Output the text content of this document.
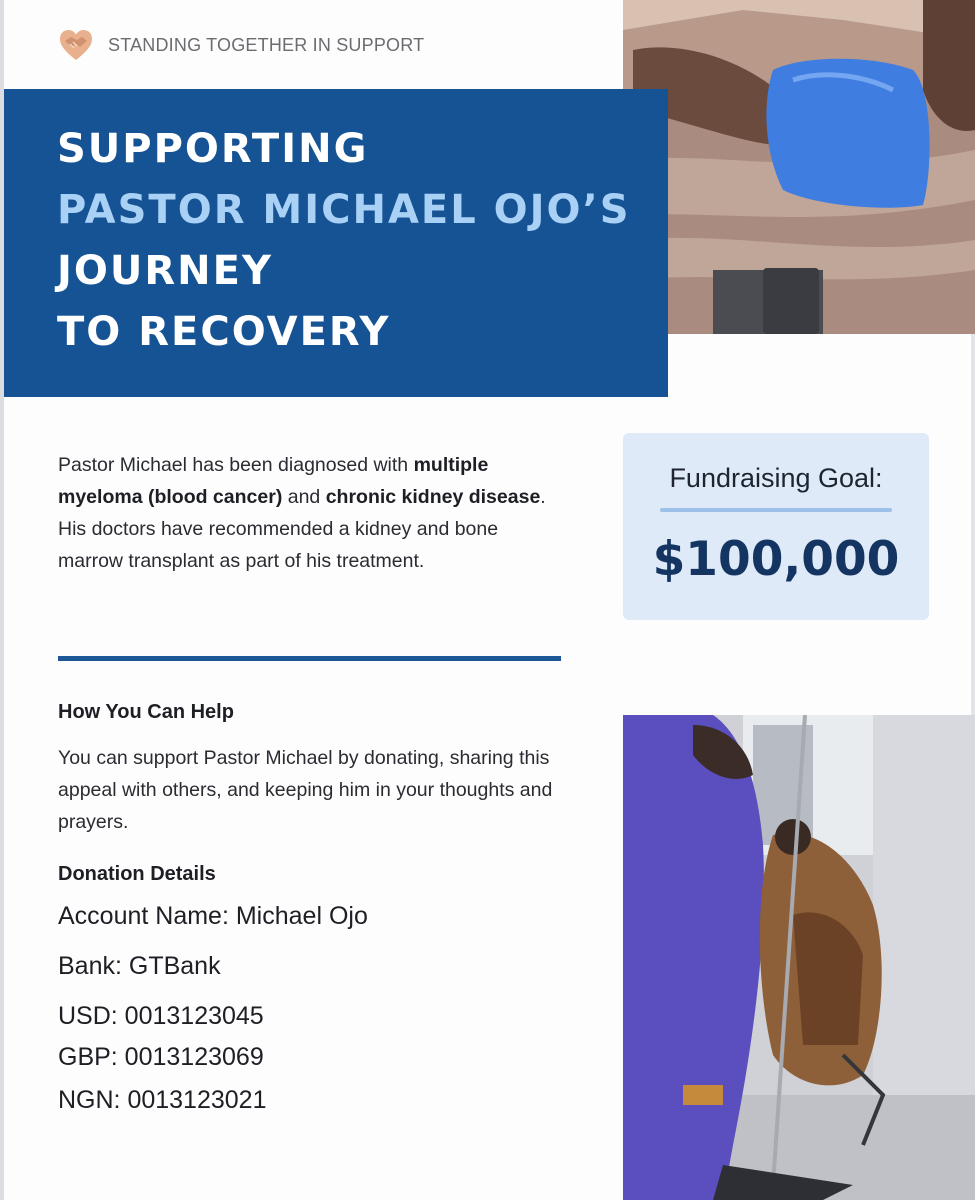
STANDING TOGETHER IN SUPPORT
SUPPORTING
PASTOR MICHAEL OJO’S
JOURNEY
TO RECOVERY
Pastor Michael has been diagnosed with multiple myeloma (blood cancer) and chronic kidney disease. His doctors have recommended a kidney and bone marrow transplant as part of his treatment.
Fundraising Goal:
$100,000
How You Can Help
You can support Pastor Michael by donating, sharing this appeal with others, and keeping him in your thoughts and prayers.
Donation Details
Account Name: Michael Ojo
Bank: GTBank
USD: 0013123045
GBP: 0013123069
NGN: 0013123021
